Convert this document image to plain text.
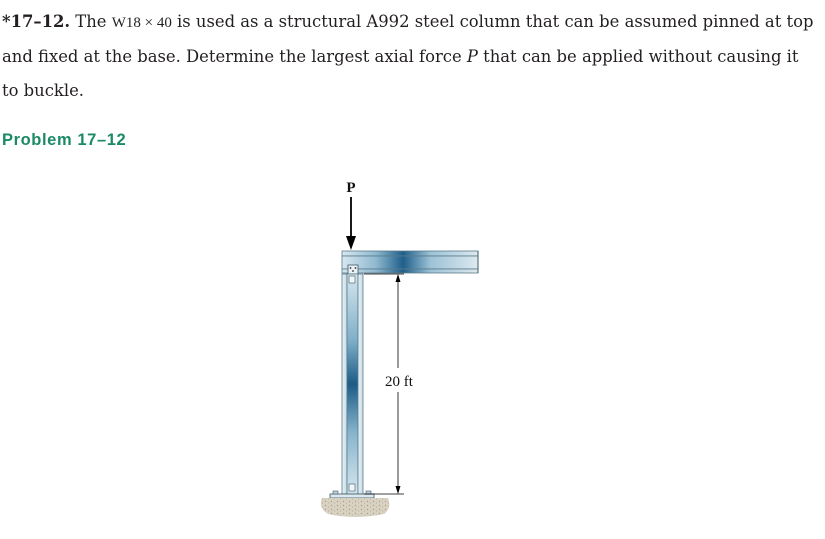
*17–12. The W18 × 40 is used as a structural A992 steel column that can be assumed pinned at top and fixed at the base. Determine the largest axial force P that can be applied without causing it to buckle.
Problem 17–12
P
20 ft
